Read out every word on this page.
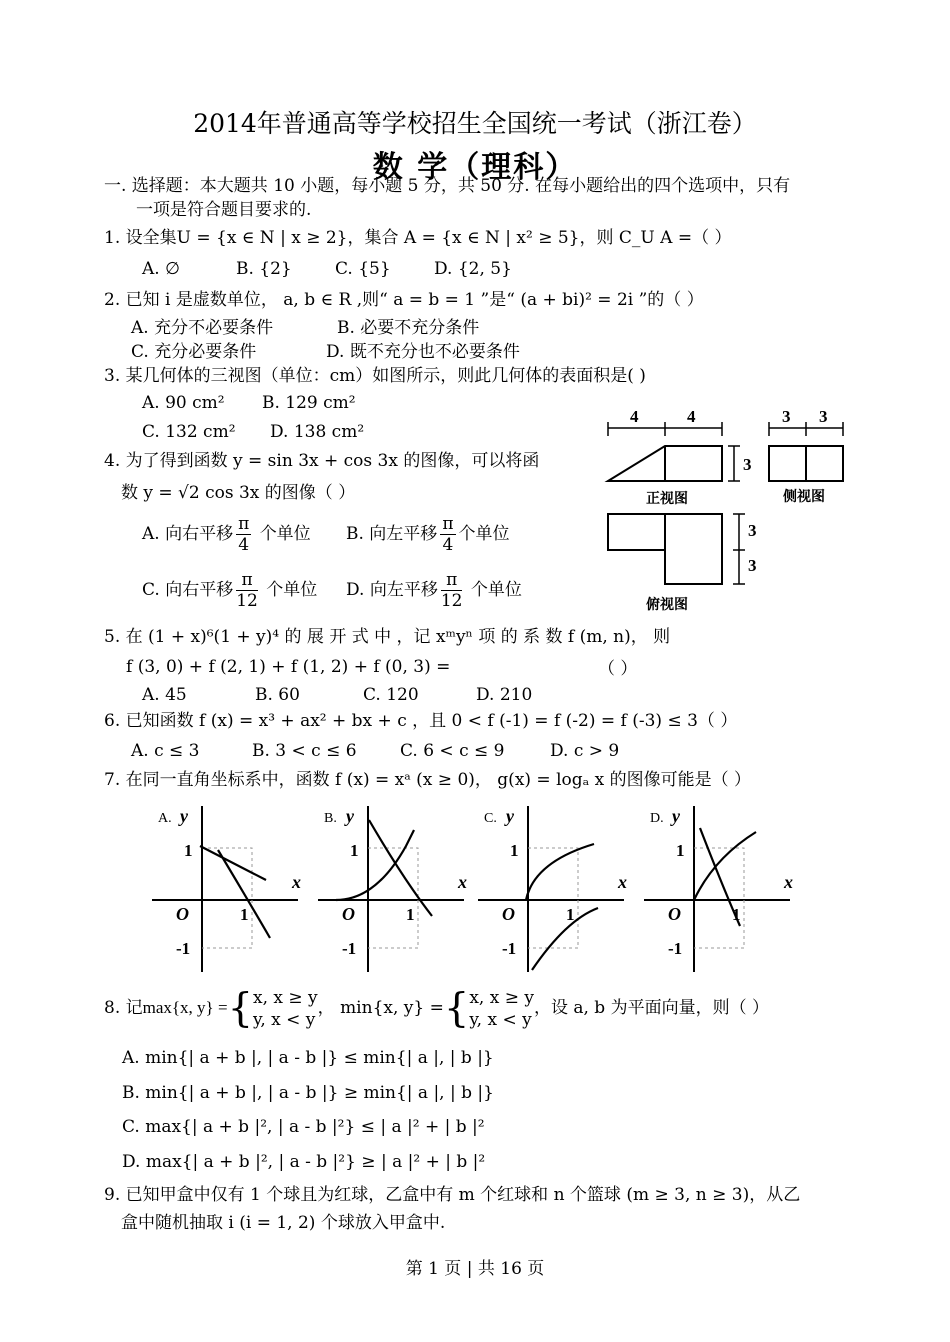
2014年普通高等学校招生全国统一考试（浙江卷）
数 学（理科）
一. 选择题：本大题共 10 小题，每小题 5 分，共 50 分. 在每小题给出的四个选项中，只有
一项是符合题目要求的.
1. 设全集U = {x ∈ N | x ≥ 2}，集合 A = {x ∈ N | x² ≥ 5}，则 C_U A =（ ）
A. ∅	B. {2}	C. {5}	D. {2, 5}
2. 已知 i 是虚数单位， a, b ∈ R ,则“ a = b = 1 ”是“ (a + bi)² = 2i ”的（ ）
A. 充分不必要条件	B. 必要不充分条件
C. 充分必要条件	D. 既不充分也不必要条件
3. 某几何体的三视图（单位：cm）如图所示，则此几何体的表面积是( )
A. 90 cm² B. 129 cm²
C. 132 cm² D. 138 cm²
4	4
3
3 3
3
3
正视图	侧视图
俯视图
4. 为了得到函数 y = sin 3x + cos 3x 的图像，可以将函
数 y = √2 cos 3x 的图像（ ）
A. 向右平移 $\frac{\pi}{4}$ 个单位 B. 向左平移 $\frac{\pi}{4}$ 个单位
C. 向右平移 $\frac{\pi}{12}$ 个单位 D. 向左平移 $\frac{\pi}{12}$ 个单位
5. 在 (1 + x)⁶(1 + y)⁴ 的 展 开 式 中 ，记 xᵐyⁿ 项 的 系 数 f (m, n)， 则
f (3, 0) + f (2, 1) + f (1, 2) + f (0, 3) =	（ ）
A. 45	B. 60	C. 120	D. 210
6. 已知函数 f (x) = x³ + ax² + bx + c ，且 0 < f (-1) = f (-2) = f (-3) ≤ 3（ ）
A. c ≤ 3	B. 3 < c ≤ 6	C. 6 < c ≤ 9	D. c > 9
7. 在同一直角坐标系中，函数 f (x) = xᵃ (x ≥ 0)， g(x) = logₐ x 的图像可能是（ ）
A. y
x
O
1
1
-1
B. y
x
O
1
1
-1
C. y
x
O
1
1
-1
D. y
x
O
1
1
-1
8. 记max{x, y} ={ x, x ≥ y
y, x < y
， min{x, y} ={ x, x ≥ y
y, x < y
，设 a, b 为平面向量，则（ ）
A. min{| a + b |, | a - b |} ≤ min{| a |, | b |}
B. min{| a + b |, | a - b |} ≥ min{| a |, | b |}
C. max{| a + b |², | a - b |²} ≤ | a |² + | b |²
D. max{| a + b |², | a - b |²} ≥ | a |² + | b |²
9. 已知甲盒中仅有 1 个球且为红球，乙盒中有 m 个红球和 n 个篮球 (m ≥ 3, n ≥ 3)，从乙
盒中随机抽取 i (i = 1, 2) 个球放入甲盒中.
第 1 页 | 共 16 页
